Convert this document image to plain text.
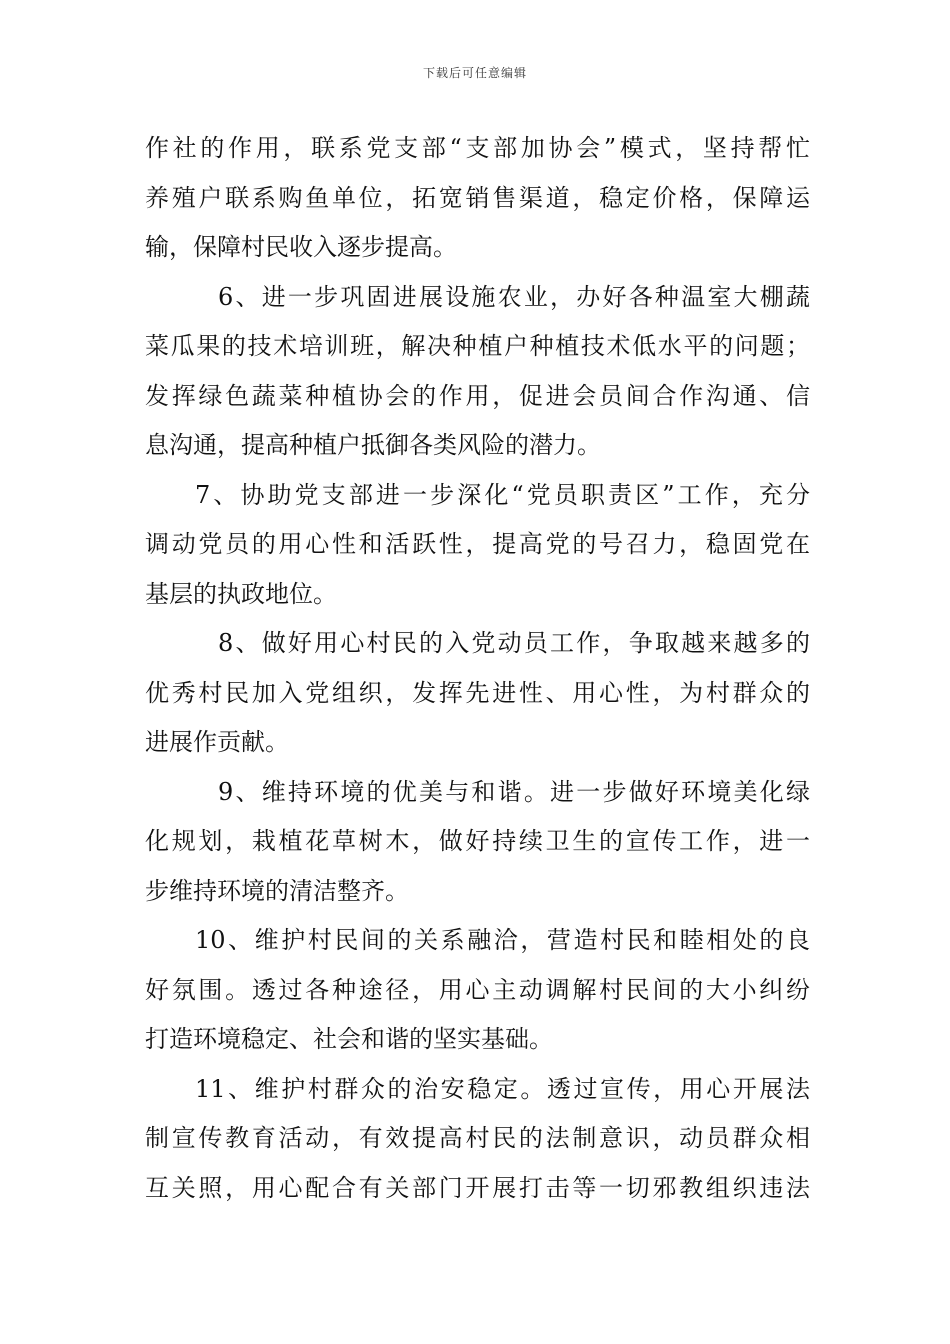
下载后可任意编辑
作社的作用，联系党支部“支部加协会”模式，坚持帮忙
养殖户联系购鱼单位，拓宽销售渠道，稳定价格，保障运
输，保障村民收入逐步提高。
6、进一步巩固进展设施农业，办好各种温室大棚蔬
菜瓜果的技术培训班，解决种植户种植技术低水平的问题；
发挥绿色蔬菜种植协会的作用，促进会员间合作沟通、信
息沟通，提高种植户抵御各类风险的潜力。
7、协助党支部进一步深化“党员职责区”工作，充分
调动党员的用心性和活跃性，提高党的号召力，稳固党在
基层的执政地位。
8、做好用心村民的入党动员工作，争取越来越多的
优秀村民加入党组织，发挥先进性、用心性，为村群众的
进展作贡献。
9、维持环境的优美与和谐。进一步做好环境美化绿
化规划，栽植花草树木，做好持续卫生的宣传工作，进一
步维持环境的清洁整齐。
10、维护村民间的关系融洽，营造村民和睦相处的良
好氛围。透过各种途径，用心主动调解村民间的大小纠纷
打造环境稳定、社会和谐的坚实基础。
11、维护村群众的治安稳定。透过宣传，用心开展法
制宣传教育活动，有效提高村民的法制意识，动员群众相
互关照，用心配合有关部门开展打击等一切邪教组织违法
